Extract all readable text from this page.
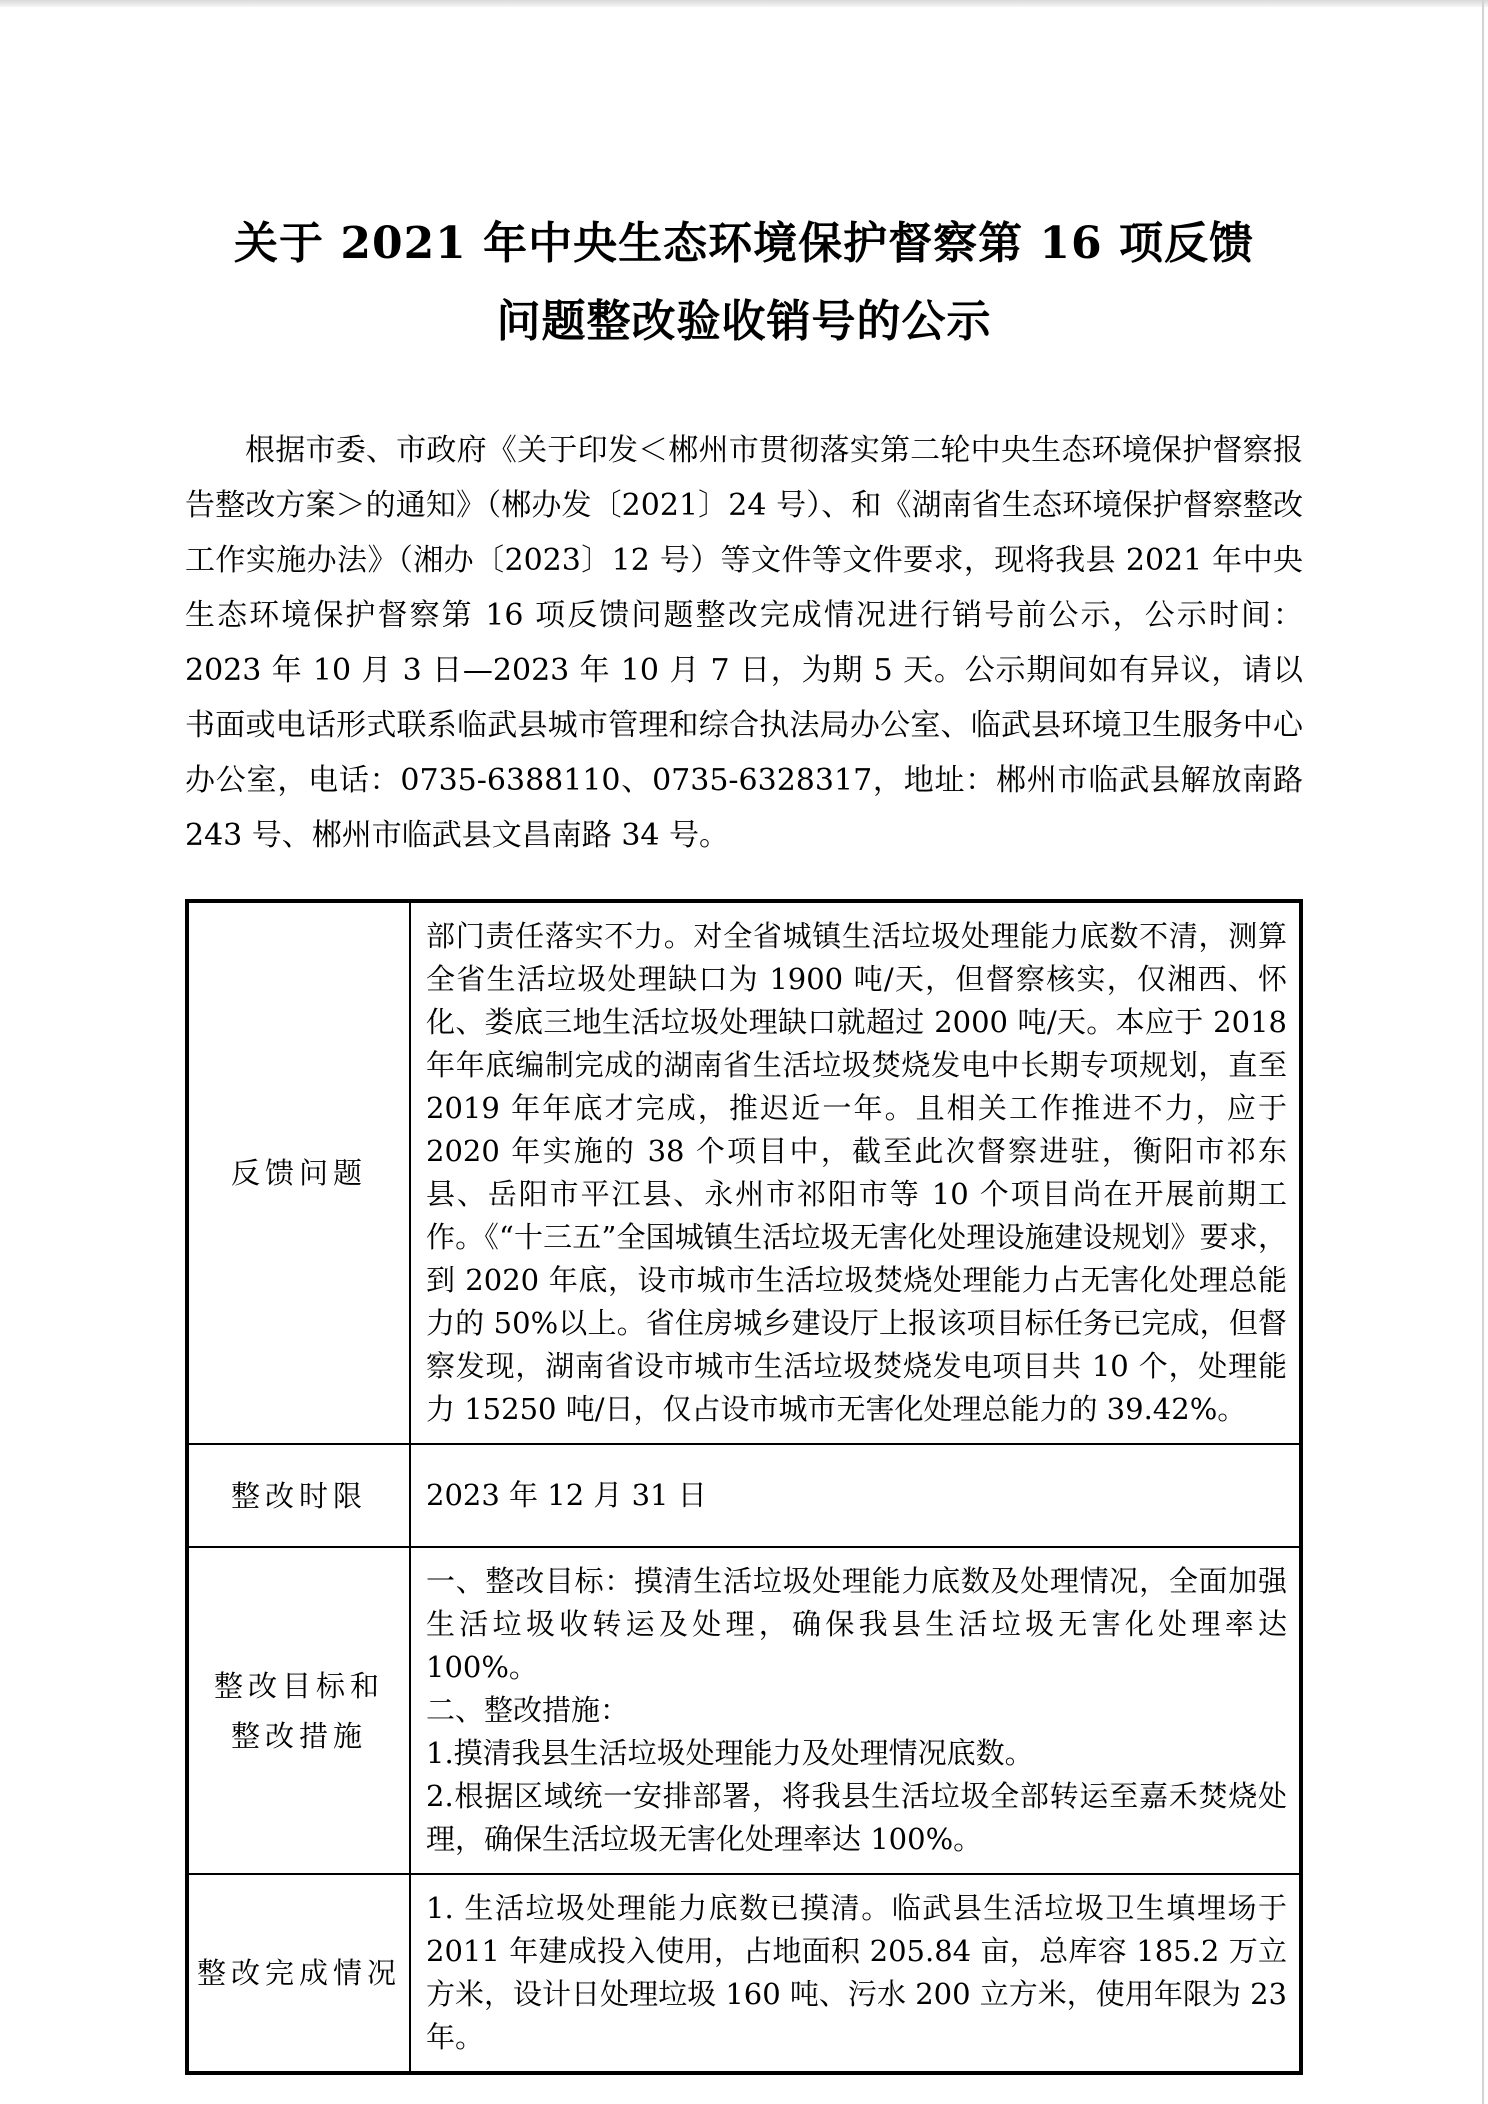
关于 2021 年中央生态环境保护督察第 16 项反馈
问题整改验收销号的公示

根据市委、市政府《关于印发＜郴州市贯彻落实第二轮中央生态环境保护督察报告整改方案＞的通知》（郴办发〔2021〕24 号）、和《湖南省生态环境保护督察整改工作实施办法》（湘办〔2023〕12 号）等文件等文件要求，现将我县 2021 年中央生态环境保护督察第 16 项反馈问题整改完成情况进行销号前公示，公示时间：2023 年 10 月 3 日—2023 年 10 月 7 日，为期 5 天。公示期间如有异议，请以书面或电话形式联系临武县城市管理和综合执法局办公室、临武县环境卫生服务中心办公室，电话：0735-6388110、0735-6328317，地址：郴州市临武县解放南路 243 号、郴州市临武县文昌南路 34 号。

反馈问题

部门责任落实不力。对全省城镇生活垃圾处理能力底数不清，测算全省生活垃圾处理缺口为 1900 吨/天，但督察核实，仅湘西、怀化、娄底三地生活垃圾处理缺口就超过 2000 吨/天。本应于 2018 年年底编制完成的湖南省生活垃圾焚烧发电中长期专项规划，直至 2019 年年底才完成，推迟近一年。且相关工作推进不力，应于 2020 年实施的 38 个项目中，截至此次督察进驻，衡阳市祁东县、岳阳市平江县、永州市祁阳市等 10 个项目尚在开展前期工作。《“十三五”全国城镇生活垃圾无害化处理设施建设规划》要求，到 2020 年底，设市城市生活垃圾焚烧处理能力占无害化处理总能力的 50%以上。省住房城乡建设厅上报该项目标任务已完成，但督察发现，湖南省设市城市生活垃圾焚烧发电项目共 10 个，处理能力 15250 吨/日，仅占设市城市无害化处理总能力的 39.42%。

整改时限 2023 年 12 月 31 日

整改目标和
整改措施

一、整改目标：摸清生活垃圾处理能力底数及处理情况，全面加强生活垃圾收转运及处理，确保我县生活垃圾无害化处理率达 100%。

二、整改措施：

1.摸清我县生活垃圾处理能力及处理情况底数。

2.根据区域统一安排部署，将我县生活垃圾全部转运至嘉禾焚烧处理，确保生活垃圾无害化处理率达 100%。

整改完成情况

1. 生活垃圾处理能力底数已摸清。临武县生活垃圾卫生填埋场于 2011 年建成投入使用，占地面积 205.84 亩，总库容 185.2 万立方米，设计日处理垃圾 160 吨、污水 200 立方米，使用年限为 23 年。
